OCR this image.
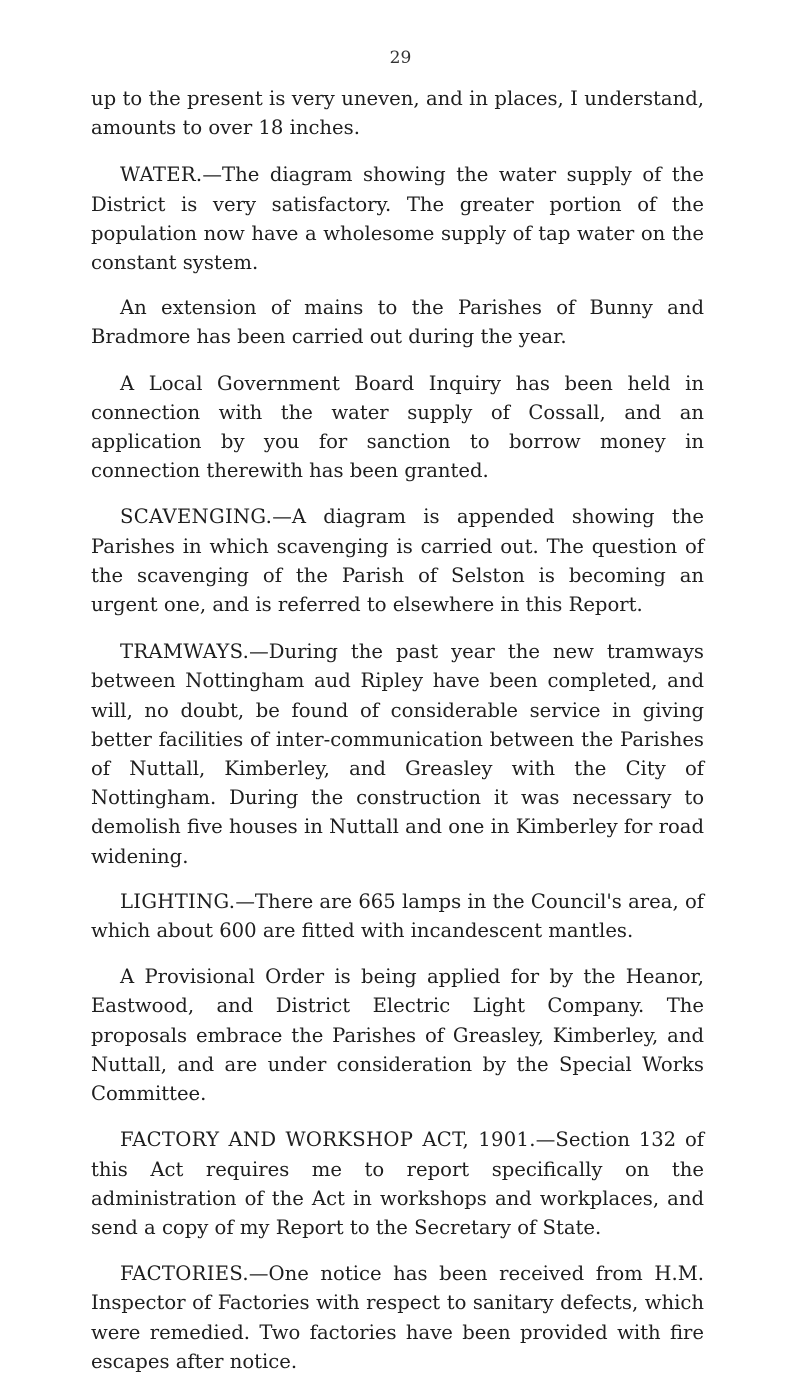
29

up to the present is very uneven, and in places, I understand, amounts to over 18 inches.

WATER.—The diagram showing the water supply of the District is very satisfactory. The greater portion of the population now have a wholesome supply of tap water on the constant system.

An extension of mains to the Parishes of Bunny and Bradmore has been carried out during the year.

A Local Government Board Inquiry has been held in connection with the water supply of Cossall, and an application by you for sanction to borrow money in connection therewith has been granted.

SCAVENGING.—A diagram is appended showing the Parishes in which scavenging is carried out. The question of the scavenging of the Parish of Selston is becoming an urgent one, and is referred to elsewhere in this Report.

TRAMWAYS.—During the past year the new tramways between Nottingham aud Ripley have been completed, and will, no doubt, be found of considerable service in giving better facilities of inter-communication between the Parishes of Nuttall, Kimberley, and Greasley with the City of Nottingham. During the construction it was necessary to demolish five houses in Nuttall and one in Kimberley for road widening.

LIGHTING.—There are 665 lamps in the Council's area, of which about 600 are fitted with incandescent mantles.

A Provisional Order is being applied for by the Heanor, Eastwood, and District Electric Light Company. The proposals embrace the Parishes of Greasley, Kimberley, and Nuttall, and are under consideration by the Special Works Committee.

FACTORY AND WORKSHOP ACT, 1901.—Section 132 of this Act requires me to report specifically on the administration of the Act in workshops and workplaces, and send a copy of my Report to the Secretary of State.

FACTORIES.—One notice has been received from H.M. Inspector of Factories with respect to sanitary defects, which were remedied. Two factories have been provided with fire escapes after notice.
